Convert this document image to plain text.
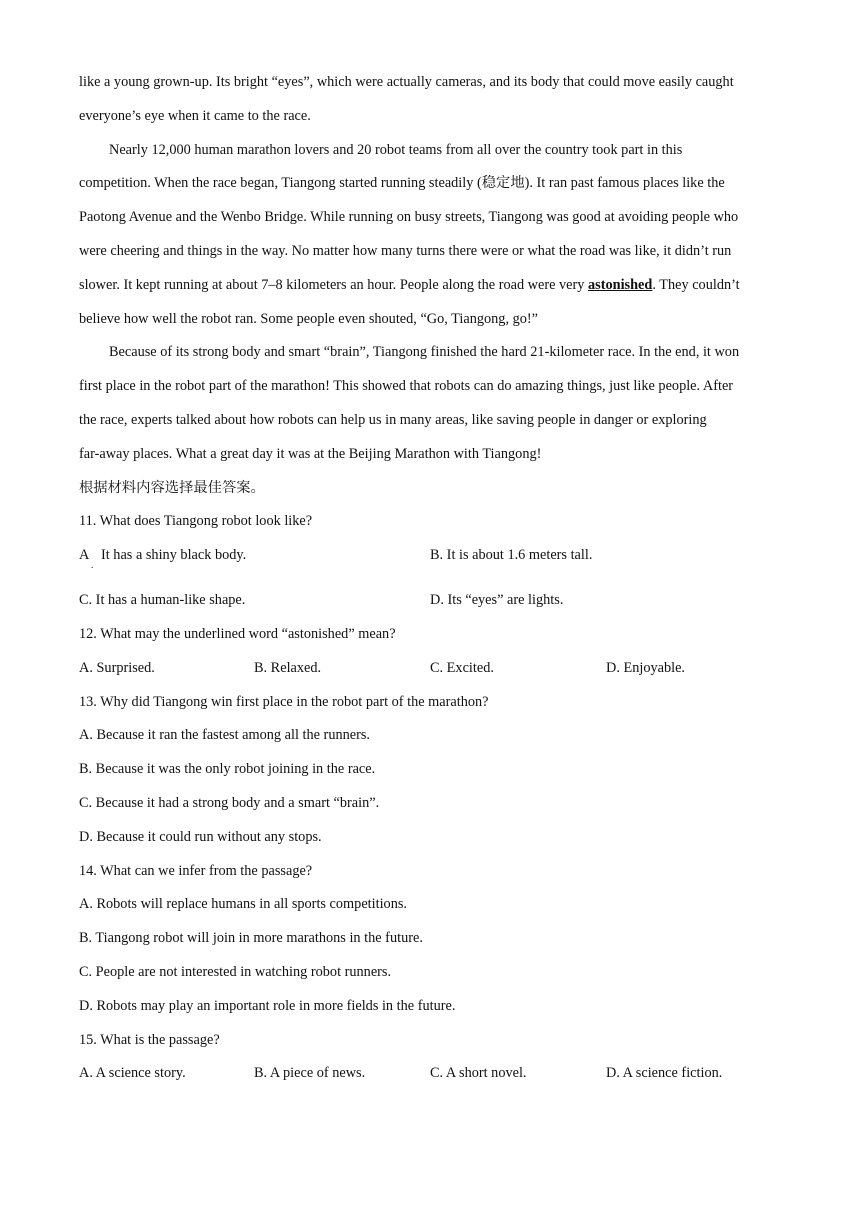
like a young grown-up. Its bright “eyes”, which were actually cameras, and its body that could move easily caught
everyone’s eye when it came to the race.
Nearly 12,000 human marathon lovers and 20 robot teams from all over the country took part in this
competition. When the race began, Tiangong started running steadily (稳定地). It ran past famous places like the
Paotong Avenue and the Wenbo Bridge. While running on busy streets, Tiangong was good at avoiding people who
were cheering and things in the way. No matter how many turns there were or what the road was like, it didn’t run
slower. It kept running at about 7–8 kilometers an hour. People along the road were very astonished. They couldn’t
believe how well the robot ran. Some people even shouted, “Go, Tiangong, go!”
Because of its strong body and smart “brain”, Tiangong finished the hard 21-kilometer race. In the end, it won
first place in the robot part of the marathon! This showed that robots can do amazing things, just like people. After
the race, experts talked about how robots can help us in many areas, like saving people in danger or exploring
far-away places. What a great day it was at the Beijing Marathon with Tiangong!
根据材料内容选择最佳答案。
11. What does Tiangong robot look like?
A
.
It has a shiny black body.	B. It is about 1.6 meters tall.
C. It has a human-like shape.	D. Its “eyes” are lights.
12. What may the underlined word “astonished” mean?
A. Surprised.	B. Relaxed.	C. Excited.	D. Enjoyable.
13. Why did Tiangong win first place in the robot part of the marathon?
A. Because it ran the fastest among all the runners.
B. Because it was the only robot joining in the race.
C. Because it had a strong body and a smart “brain”.
D. Because it could run without any stops.
14. What can we infer from the passage?
A. Robots will replace humans in all sports competitions.
B. Tiangong robot will join in more marathons in the future.
C. People are not interested in watching robot runners.
D. Robots may play an important role in more fields in the future.
15. What is the passage?
A. A science story.	B. A piece of news.	C. A short novel.	D. A science fiction.
